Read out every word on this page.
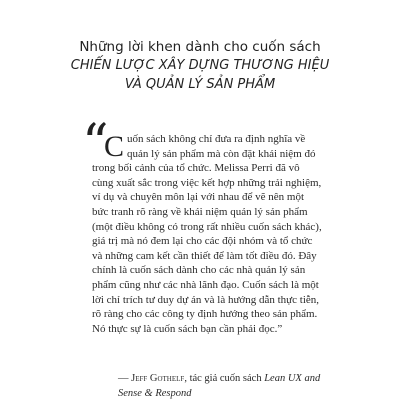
Những lời khen dành cho cuốn sách

CHIẾN LƯỢC XÂY DỰNG THƯƠNG HIỆU

VÀ QUẢN LÝ SẢN PHẨM

“
Cuốn sách không chỉ đưa ra định nghĩa về quản lý sản phẩm mà còn đặt khái niệm đó trong bối cảnh của tổ chức. Melissa Perri đã vô cùng xuất sắc trong việc kết hợp những trải nghiệm, ví dụ và chuyên môn lại với nhau để vẽ nên một bức tranh rõ ràng về khái niệm quản lý sản phẩm (một điều không có trong rất nhiều cuốn sách khác), giá trị mà nó đem lại cho các đội nhóm và tổ chức và những cam kết cần thiết để làm tốt điều đó. Đây chính là cuốn sách dành cho các nhà quản lý sản phẩm cũng như các nhà lãnh đạo. Cuốn sách là một lời chỉ trích tư duy dự án và là hướng dẫn thực tiễn, rõ ràng cho các công ty định hướng theo sản phẩm. Nó thực sự là cuốn sách bạn cần phải đọc.”
— Jeff Gothelf, tác giả cuốn sách Lean UX and Sense & Respond
